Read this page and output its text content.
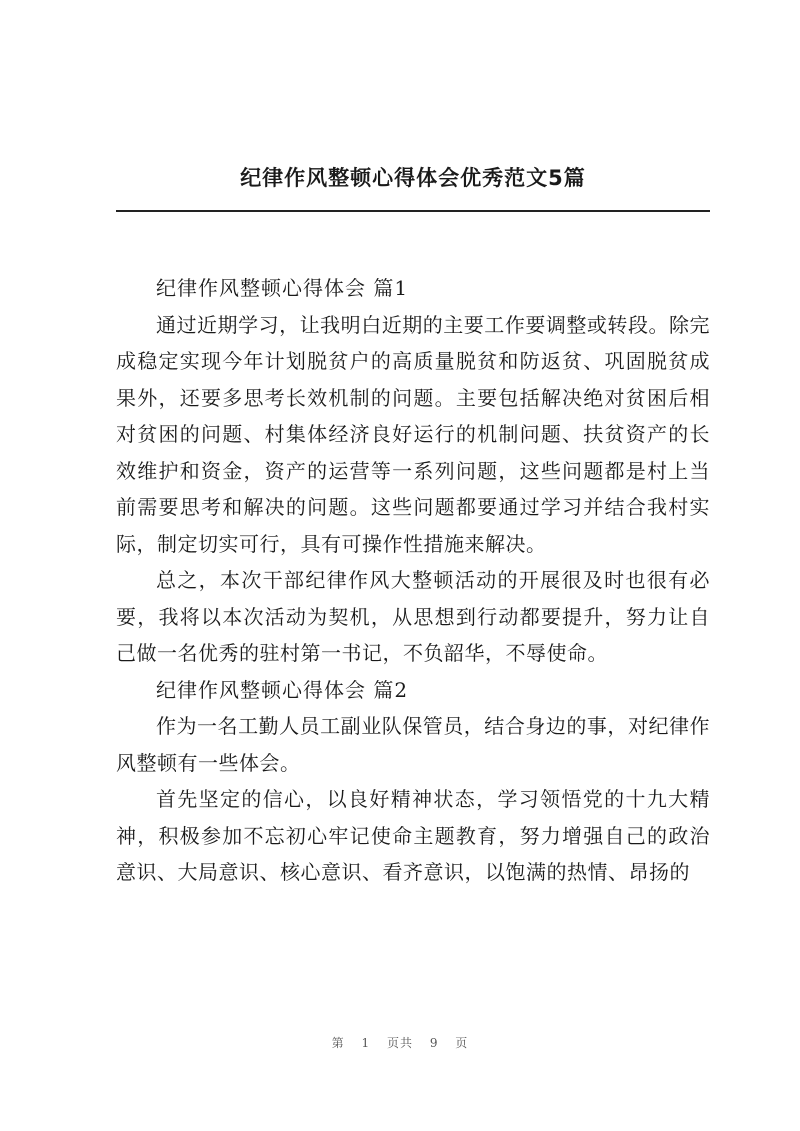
纪律作风整顿心得体会优秀范文5篇

纪律作风整顿心得体会 篇1

通过近期学习，让我明白近期的主要工作要调整或转段。除完成稳定实现今年计划脱贫户的高质量脱贫和防返贫、巩固脱贫成果外，还要多思考长效机制的问题。主要包括解决绝对贫困后相对贫困的问题、村集体经济良好运行的机制问题、扶贫资产的长效维护和资金，资产的运营等一系列问题，这些问题都是村上当前需要思考和解决的问题。这些问题都要通过学习并结合我村实际，制定切实可行，具有可操作性措施来解决。

总之，本次干部纪律作风大整顿活动的开展很及时也很有必要，我将以本次活动为契机，从思想到行动都要提升，努力让自己做一名优秀的驻村第一书记，不负韶华，不辱使命。

纪律作风整顿心得体会 篇2

作为一名工勤人员工副业队保管员，结合身边的事，对纪律作风整顿有一些体会。

首先坚定的信心，以良好精神状态，学习领悟党的十九大精神，积极参加不忘初心牢记使命主题教育，努力增强自己的政治意识、大局意识、核心意识、看齐意识，以饱满的热情、昂扬的

第 1 页共 9 页
